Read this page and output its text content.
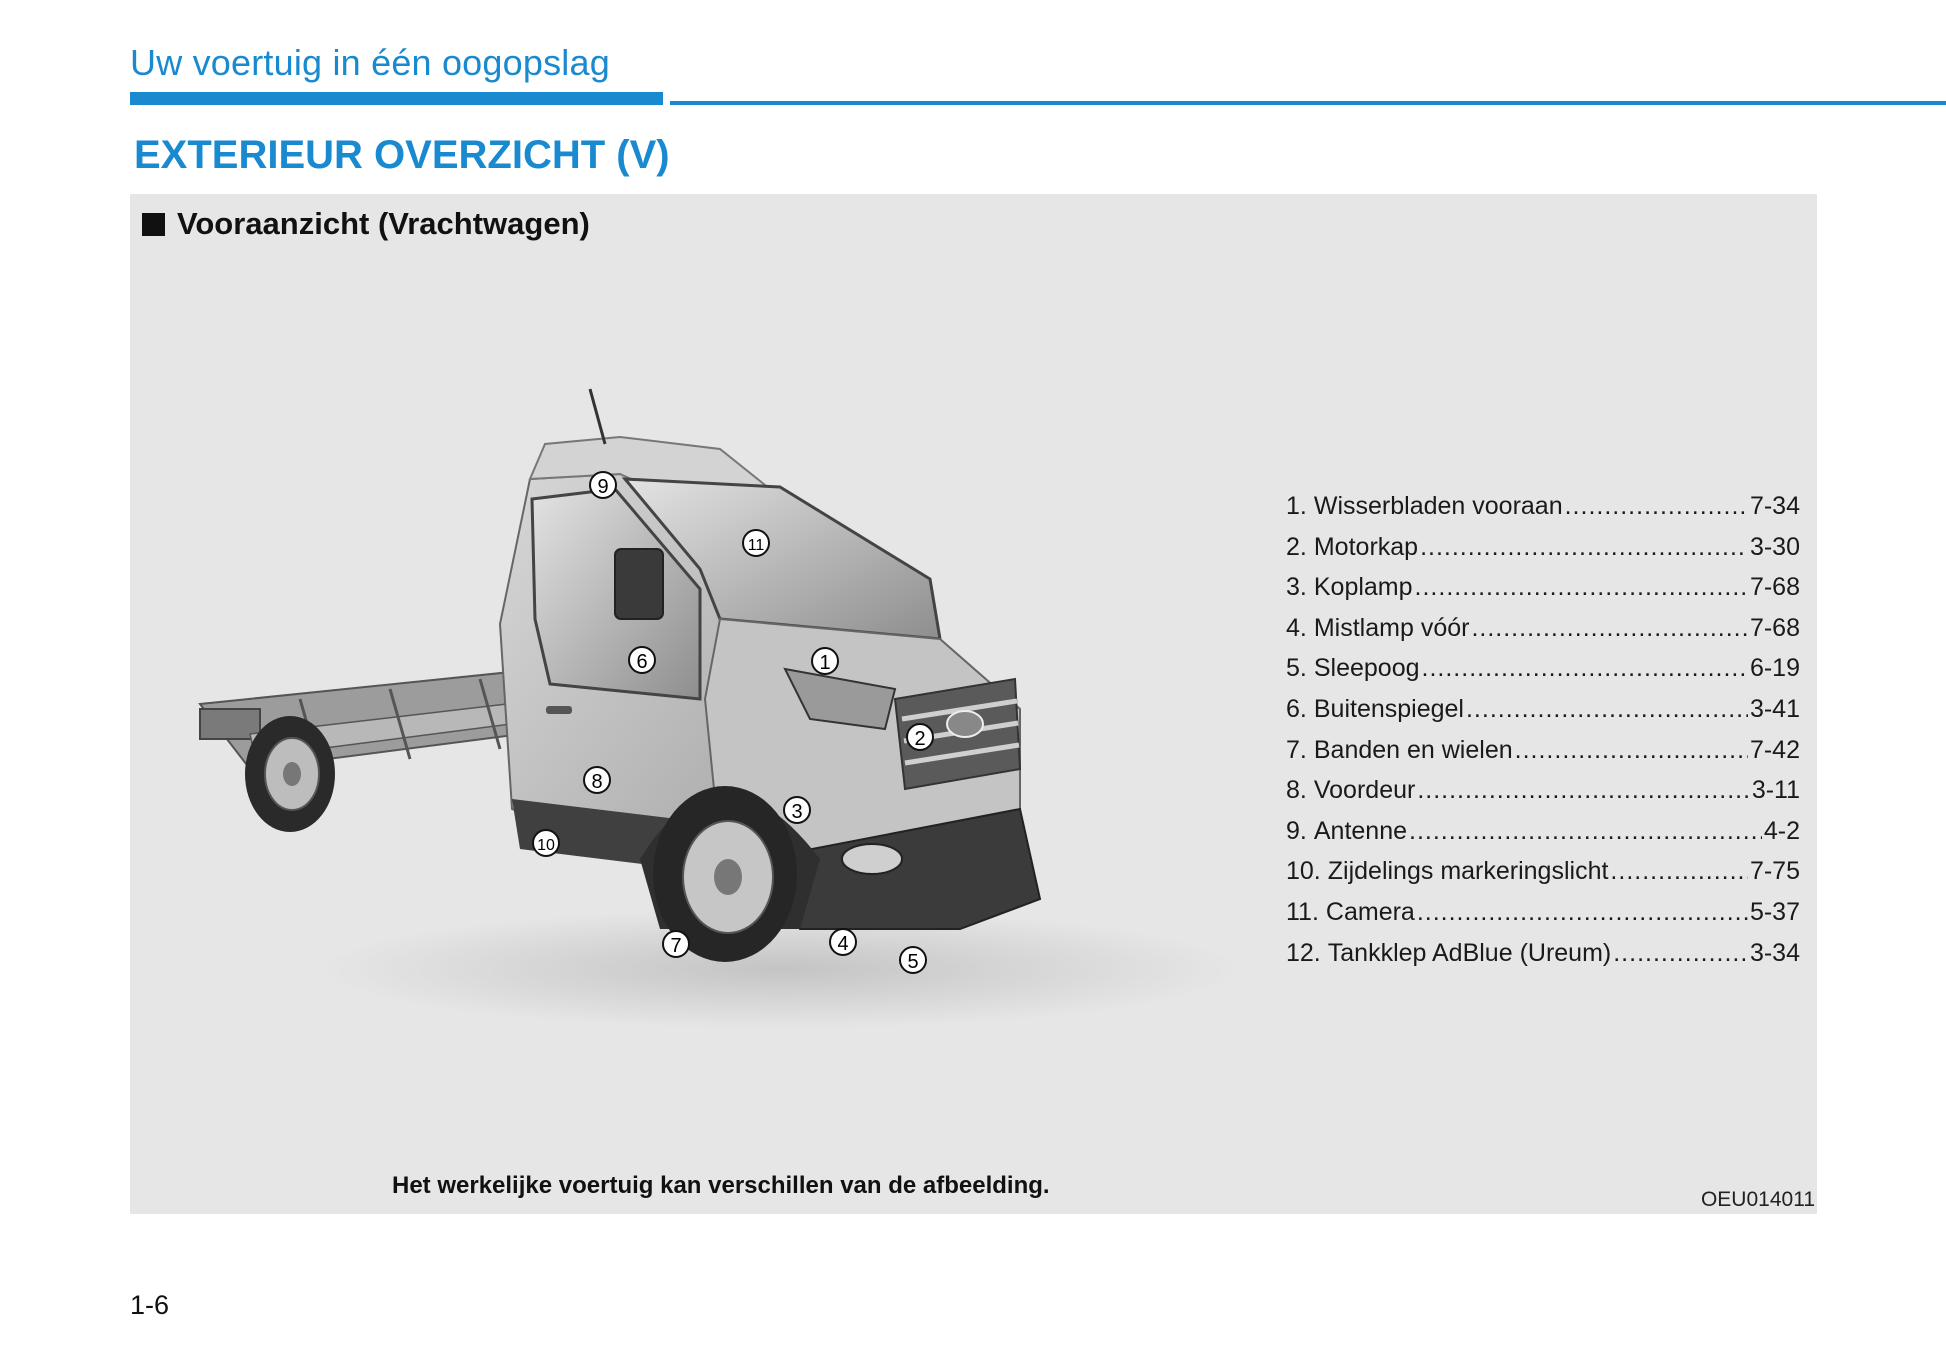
Uw voertuig in één oogopslag
EXTERIEUR OVERZICHT (V)
Vooraanzicht (Vrachtwagen)
1
2
3
4
5
6
7
8
9
10
11
1. Wisserbladen vooraan .....	7-34
2. Motorkap .....	3-30
3. Koplamp .....	7-68
4. Mistlamp vóór .....	7-68
5. Sleepoog .....	6-19
6. Buitenspiegel .....	3-41
7. Banden en wielen .....	7-42
8. Voordeur .....	3-11
9. Antenne .....	4-2
10. Zijdelings markeringslicht .....	7-75
11. Camera .....	5-37
12. Tankklep AdBlue (Ureum) .....	3-34
Het werkelijke voertuig kan verschillen van de afbeelding.
OEU014011
1-6
